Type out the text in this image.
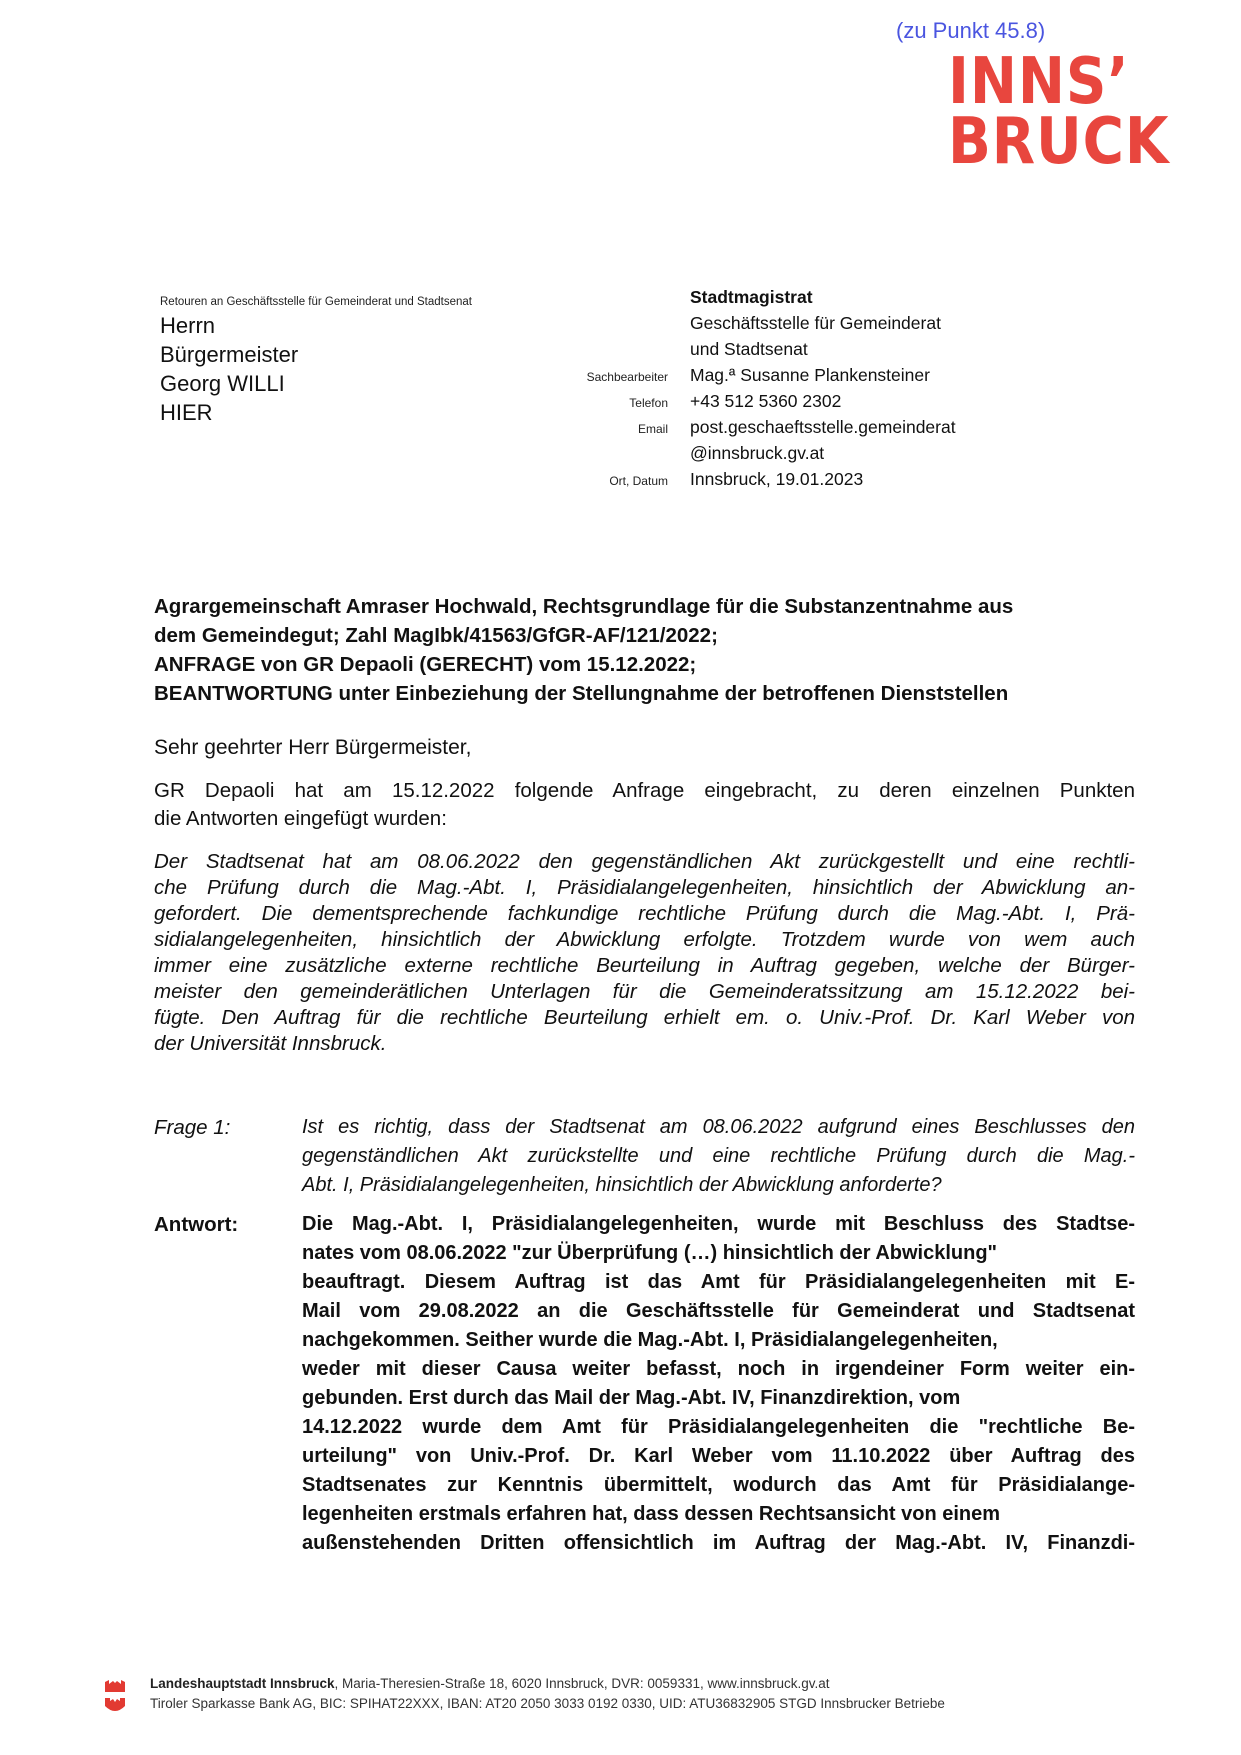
(zu Punkt 45.8)
INNS’
BRUCK
Retouren an Geschäftsstelle für Gemeinderat und Stadtsenat
Herrn
Bürgermeister
Georg WILLI
HIER
Stadtmagistrat
Geschäftsstelle für Gemeinderat
und Stadtsenat
Sachbearbeiter Mag.ª Susanne Plankensteiner
Telefon +43 512 5360 2302
Email post.geschaeftsstelle.gemeinderat
@innsbruck.gv.at
Ort, Datum Innsbruck, 19.01.2023
Agrargemeinschaft Amraser Hochwald, Rechtsgrundlage für die Substanzentnahme aus
dem Gemeindegut; Zahl MagIbk/41563/GfGR-AF/121/2022;
ANFRAGE von GR Depaoli (GERECHT) vom 15.12.2022;
BEANTWORTUNG unter Einbeziehung der Stellungnahme der betroffenen Dienststellen
Sehr geehrter Herr Bürgermeister,
GR Depaoli hat am 15.12.2022 folgende Anfrage eingebracht, zu deren einzelnen Punkten
die Antworten eingefügt wurden:
Der Stadtsenat hat am 08.06.2022 den gegenständlichen Akt zurückgestellt und eine rechtli-
che Prüfung durch die Mag.-Abt. I, Präsidialangelegenheiten, hinsichtlich der Abwicklung an-
gefordert. Die dementsprechende fachkundige rechtliche Prüfung durch die Mag.-Abt. I, Prä-
sidialangelegenheiten, hinsichtlich der Abwicklung erfolgte. Trotzdem wurde von wem auch
immer eine zusätzliche externe rechtliche Beurteilung in Auftrag gegeben, welche der Bürger-
meister den gemeinderätlichen Unterlagen für die Gemeinderatssitzung am 15.12.2022 bei-
fügte. Den Auftrag für die rechtliche Beurteilung erhielt em. o. Univ.-Prof. Dr. Karl Weber von
der Universität Innsbruck.
Frage 1:	Ist es richtig, dass der Stadtsenat am 08.06.2022 aufgrund eines Beschlusses den
gegenständlichen Akt zurückstellte und eine rechtliche Prüfung durch die Mag.-
Abt. I, Präsidialangelegenheiten, hinsichtlich der Abwicklung anforderte?
Antwort:	Die Mag.-Abt. I, Präsidialangelegenheiten, wurde mit Beschluss des Stadtse-
nates vom 08.06.2022 "zur Überprüfung (…) hinsichtlich der Abwicklung"
beauftragt. Diesem Auftrag ist das Amt für Präsidialangelegenheiten mit E-
Mail vom 29.08.2022 an die Geschäftsstelle für Gemeinderat und Stadtsenat
nachgekommen. Seither wurde die Mag.-Abt. I, Präsidialangelegenheiten,
weder mit dieser Causa weiter befasst, noch in irgendeiner Form weiter ein-
gebunden. Erst durch das Mail der Mag.-Abt. IV, Finanzdirektion, vom
14.12.2022 wurde dem Amt für Präsidialangelegenheiten die "rechtliche Be-
urteilung" von Univ.-Prof. Dr. Karl Weber vom 11.10.2022 über Auftrag des
Stadtsenates zur Kenntnis übermittelt, wodurch das Amt für Präsidialange-
legenheiten erstmals erfahren hat, dass dessen Rechtsansicht von einem
außenstehenden Dritten offensichtlich im Auftrag der Mag.-Abt. IV, Finanzdi-
Landeshauptstadt Innsbruck, Maria-Theresien-Straße 18, 6020 Innsbruck, DVR: 0059331, www.innsbruck.gv.at
Tiroler Sparkasse Bank AG, BIC: SPIHAT22XXX, IBAN: AT20 2050 3033 0192 0330, UID: ATU36832905 STGD Innsbrucker Betriebe
